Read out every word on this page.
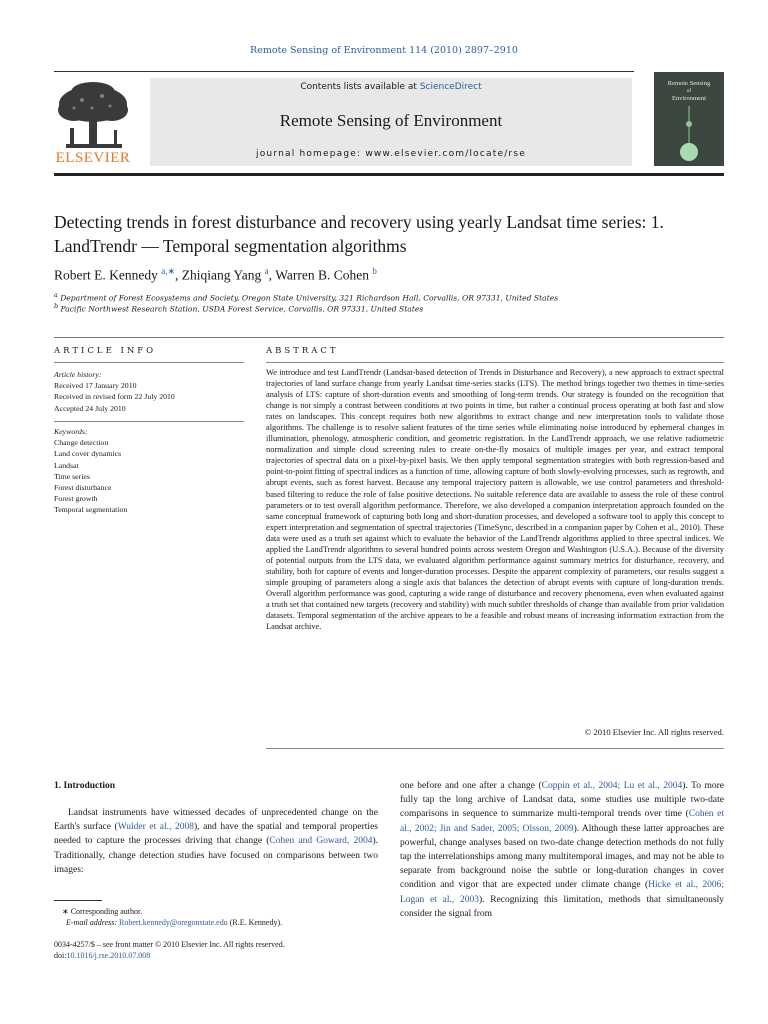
Remote Sensing of Environment 114 (2010) 2897–2910
ELSEVIER
Contents lists available at ScienceDirect
Remote Sensing of Environment
journal homepage: www.elsevier.com/locate/rse
Remote Sensing
of
Environment
Detecting trends in forest disturbance and recovery using yearly Landsat time series: 1. LandTrendr — Temporal segmentation algorithms
Robert E. Kennedy $^{a,∗}$, Zhiqiang Yang $^a$, Warren B. Cohen $^b$
$^a$ Department of Forest Ecosystems and Society, Oregon State University, 321 Richardson Hall, Corvallis, OR 97331, United States
$^b$ Pacific Northwest Research Station, USDA Forest Service, Corvallis, OR 97331, United States
ARTICLE INFO	ABSTRACT
Article history:
Received 17 January 2010
Received in revised form 22 July 2010
Accepted 24 July 2010
Keywords:
Change detection
Land cover dynamics
Landsat
Time series
Forest disturbance
Forest growth
Temporal segmentation

We introduce and test LandTrendr (Landsat-based detection of Trends in Disturbance and Recovery), a new approach to extract spectral trajectories of land surface change from yearly Landsat time-series stacks (LTS). The method brings together two themes in time-series analysis of LTS: capture of short-duration events and smoothing of long-term trends. Our strategy is founded on the recognition that change is not simply a contrast between conditions at two points in time, but rather a continual process operating at both fast and slow rates on landscapes. This concept requires both new algorithms to extract change and new interpretation tools to validate those algorithms. The challenge is to resolve salient features of the time series while eliminating noise introduced by ephemeral changes in illumination, phenology, atmospheric condition, and geometric registration. In the LandTrendr approach, we use relative radiometric normalization and simple cloud screening rules to create on-the-fly mosaics of multiple images per year, and extract temporal trajectories of spectral data on a pixel-by-pixel basis. We then apply temporal segmentation strategies with both regression-based and point-to-point fitting of spectral indices as a function of time, allowing capture of both slowly-evolving processes, such as regrowth, and abrupt events, such as forest harvest. Because any temporal trajectory pattern is allowable, we use control parameters and threshold-based filtering to reduce the role of false positive detections. No suitable reference data are available to assess the role of these control parameters or to test overall algorithm performance. Therefore, we also developed a companion interpretation approach founded on the same conceptual framework of capturing both long and short-duration processes, and developed a software tool to apply this concept to expert interpretation and segmentation of spectral trajectories (TimeSync, described in a companion paper by Cohen et al., 2010). These data were used as a truth set against which to evaluate the behavior of the LandTrendr algorithms applied to three spectral indices. We applied the LandTrendr algorithms to several hundred points across western Oregon and Washington (U.S.A.). Because of the diversity of potential outputs from the LTS data, we evaluated algorithm performance against summary metrics for disturbance, recovery, and stability, both for capture of events and longer-duration processes. Despite the apparent complexity of parameters, our results suggest a simple grouping of parameters along a single axis that balances the detection of abrupt events with capture of long-duration trends. Overall algorithm performance was good, capturing a wide range of disturbance and recovery phenomena, even when evaluated against a truth set that contained new targets (recovery and stability) with much subtler thresholds of change than available from prior validation datasets. Temporal segmentation of the archive appears to be a feasible and robust means of increasing information extraction from the Landsat archive.

© 2010 Elsevier Inc. All rights reserved.
1. Introduction

Landsat instruments have witnessed decades of unprecedented change on the Earth's surface (Wulder et al., 2008), and have the spatial and temporal properties needed to capture the processes driving that change (Cohen and Goward, 2004). Traditionally, change detection studies have focused on comparisons between two images:

one before and one after a change (Coppin et al., 2004; Lu et al., 2004). To more fully tap the long archive of Landsat data, some studies use multiple two-date comparisons in sequence to summarize multi-temporal trends over time (Cohen et al., 2002; Jin and Sader, 2005; Olsson, 2009). Although these latter approaches are powerful, change analyses based on two-date change detection methods do not fully tap the interrelationships among many multitemporal images, and may not be able to separate from background noise the subtle or long-duration changes in cover condition and vigor that are expected under climate change (Hicke et al., 2006; Logan et al., 2003). Recognizing this limitation, methods that simultaneously consider the signal from

∗ Corresponding author.
E-mail address: Robert.kennedy@oregonstate.edu (R.E. Kennedy).
0034-4257/$ – see front matter © 2010 Elsevier Inc. All rights reserved.
doi:10.1016/j.rse.2010.07.008
